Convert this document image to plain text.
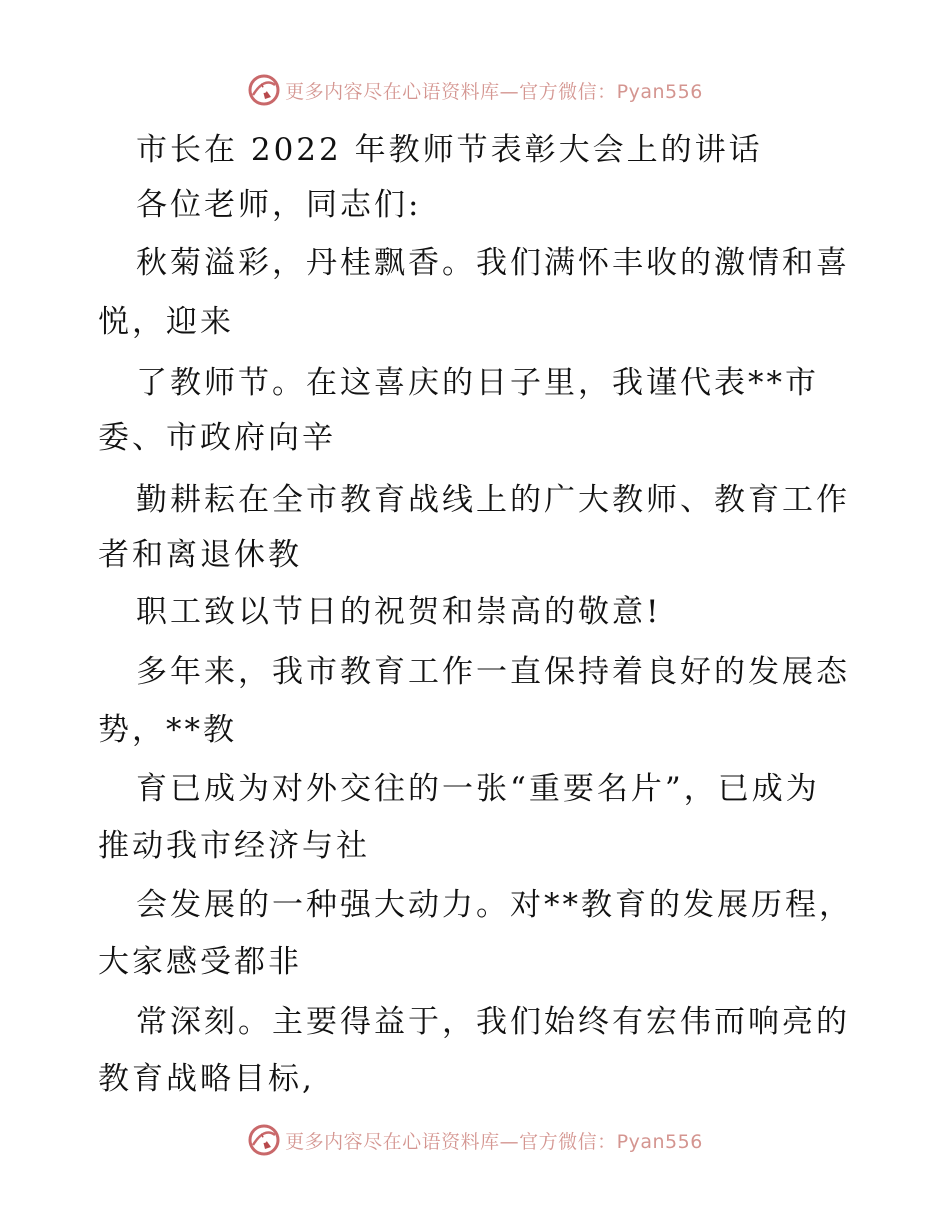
更多内容尽在心语资料库—官方微信：Pyan556
市长在 2022 年教师节表彰大会上的讲话
各位老师，同志们:
秋菊溢彩，丹桂飘香。我们满怀丰收的激情和喜
悦，迎来
了教师节。在这喜庆的日子里，我谨代表**市
委、市政府向辛
勤耕耘在全市教育战线上的广大教师、教育工作
者和离退休教
职工致以节日的祝贺和崇高的敬意!
多年来，我市教育工作一直保持着良好的发展态
势，**教
育已成为对外交往的一张“重要名片”，已成为
推动我市经济与社
会发展的一种强大动力。对**教育的发展历程，
大家感受都非
常深刻。主要得益于，我们始终有宏伟而响亮的
教育战略目标,
更多内容尽在心语资料库—官方微信：Pyan556
